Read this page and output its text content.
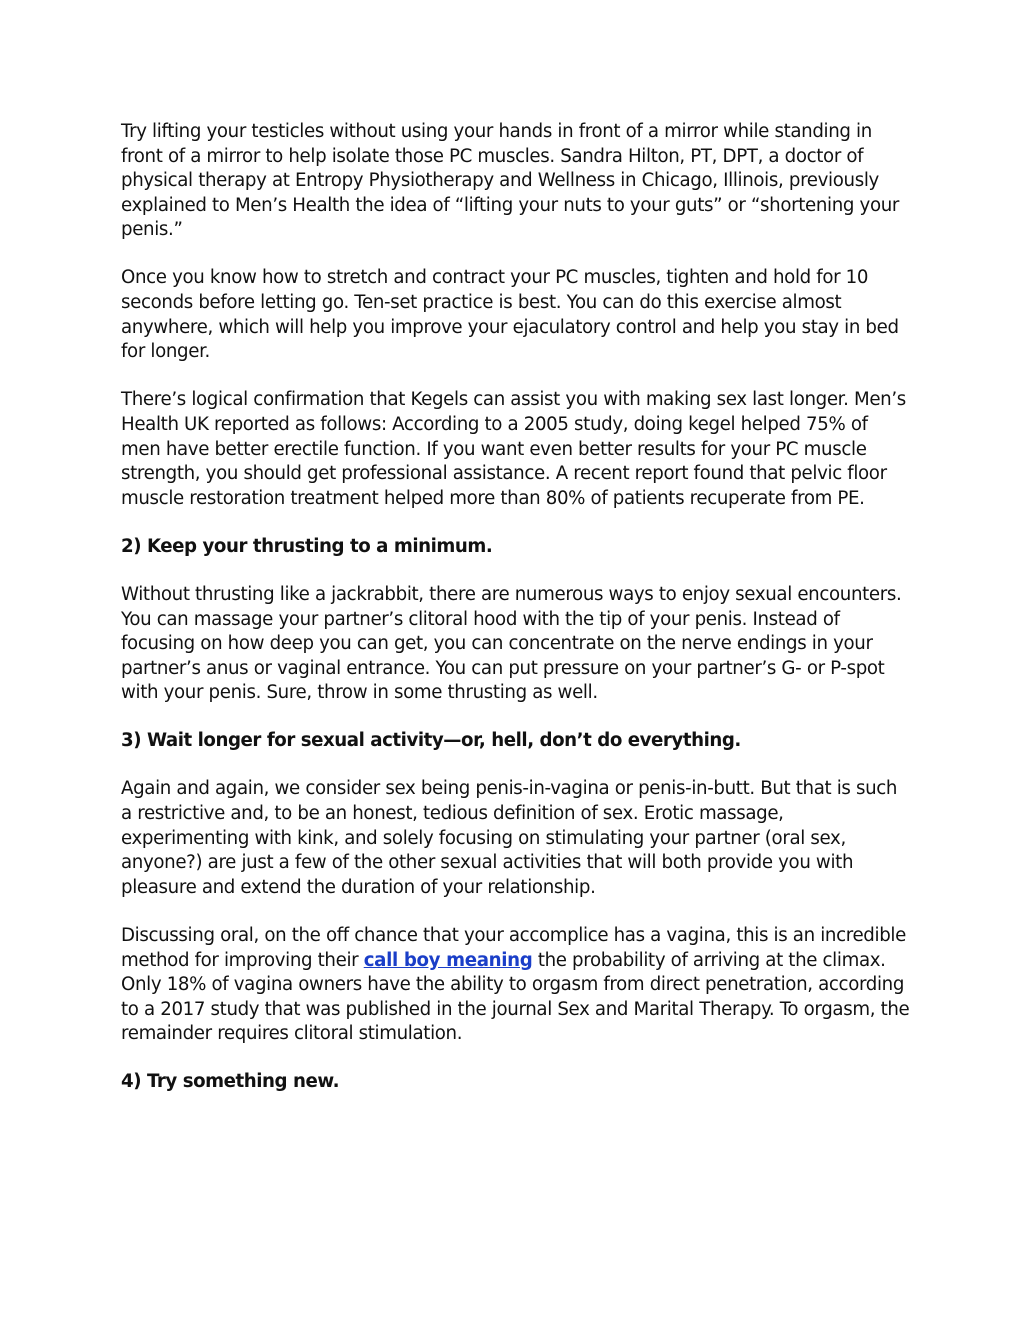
Try lifting your testicles without using your hands in front of a mirror while standing in front of a mirror to help isolate those PC muscles. Sandra Hilton, PT, DPT, a doctor of physical therapy at Entropy Physiotherapy and Wellness in Chicago, Illinois, previously explained to Men’s Health the idea of “lifting your nuts to your guts” or “shortening your penis.”

Once you know how to stretch and contract your PC muscles, tighten and hold for 10 seconds before letting go. Ten-set practice is best. You can do this exercise almost anywhere, which will help you improve your ejaculatory control and help you stay in bed for longer.

There’s logical confirmation that Kegels can assist you with making sex last longer. Men’s Health UK reported as follows: According to a 2005 study, doing kegel helped 75% of men have better erectile function. If you want even better results for your PC muscle strength, you should get professional assistance. A recent report found that pelvic floor muscle restoration treatment helped more than 80% of patients recuperate from PE.

2) Keep your thrusting to a minimum.

Without thrusting like a jackrabbit, there are numerous ways to enjoy sexual encounters. You can massage your partner’s clitoral hood with the tip of your penis. Instead of focusing on how deep you can get, you can concentrate on the nerve endings in your partner’s anus or vaginal entrance. You can put pressure on your partner’s G- or P-spot with your penis. Sure, throw in some thrusting as well.

3) Wait longer for sexual activity—or, hell, don’t do everything.

Again and again, we consider sex being penis-in-vagina or penis-in-butt. But that is such a restrictive and, to be an honest, tedious definition of sex. Erotic massage, experimenting with kink, and solely focusing on stimulating your partner (oral sex, anyone?) are just a few of the other sexual activities that will both provide you with pleasure and extend the duration of your relationship.

Discussing oral, on the off chance that your accomplice has a vagina, this is an incredible method for improving their call boy meaning the probability of arriving at the climax. Only 18% of vagina owners have the ability to orgasm from direct penetration, according to a 2017 study that was published in the journal Sex and Marital Therapy. To orgasm, the remainder requires clitoral stimulation.

4) Try something new.
